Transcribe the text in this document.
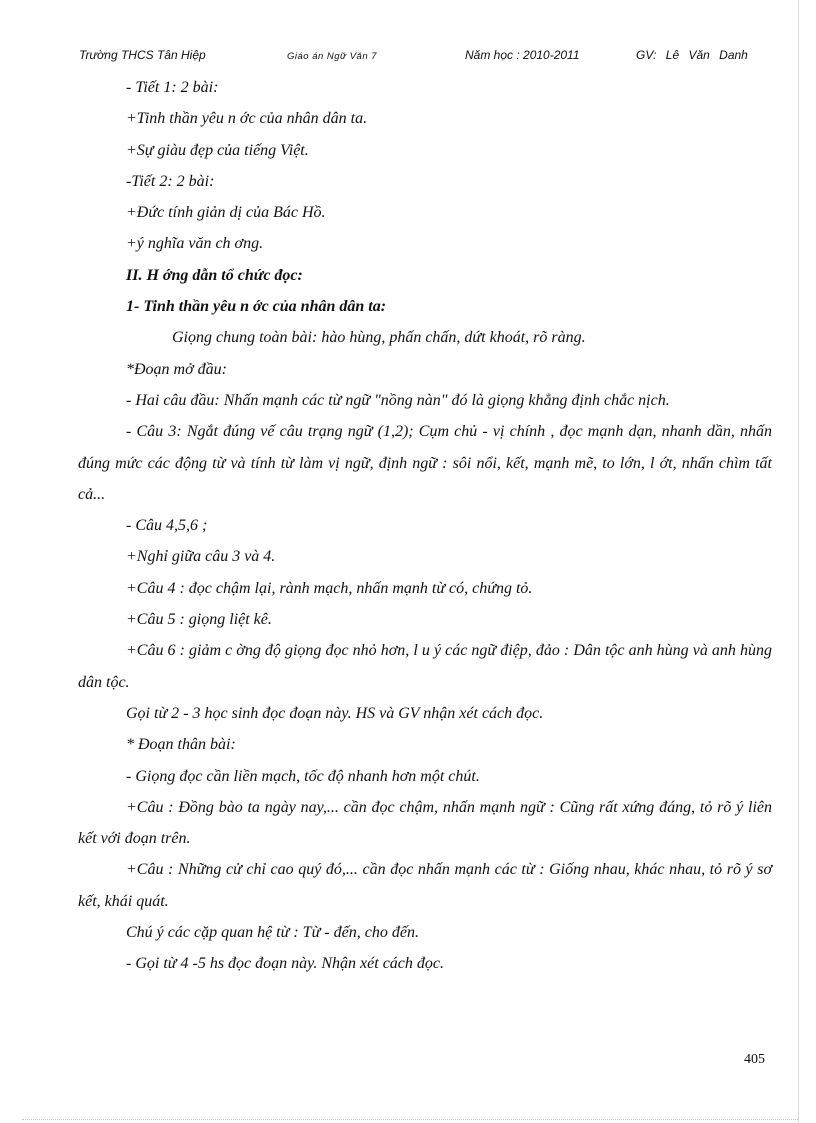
Trường THCS Tân Hiệp	Giáo án Ngữ Văn 7	Năm học : 2010-2011	GV: Lê Văn Danh

- Tiết 1: 2 bài:

+Tinh thần yêu n ớc của nhân dân ta.

+Sự giàu đẹp của tiếng Việt.

-Tiết 2: 2 bài:

+Đức tính giản dị của Bác Hồ.

+ý nghĩa văn ch ơng.

II. H ớng dẫn tổ chức đọc:

1- Tinh thần yêu n ớc của nhân dân ta:

Giọng chung toàn bài: hào hùng, phấn chấn, dứt khoát, rõ ràng.

*Đoạn mở đầu:

- Hai câu đầu: Nhấn mạnh các từ ngữ "nồng nàn" đó là giọng khẳng định chắc nịch.

- Câu 3: Ngắt đúng vế câu trạng ngữ (1,2); Cụm chủ - vị chính , đọc mạnh dạn, nhanh dần, nhấn đúng mức các động từ và tính từ làm vị ngữ, định ngữ : sôi nổi, kết, mạnh mẽ, to lớn, l ớt, nhấn chìm tất cả...

- Câu 4,5,6 ;

+Nghỉ giữa câu 3 và 4.

+Câu 4 : đọc chậm lại, rành mạch, nhấn mạnh từ có, chứng tỏ.

+Câu 5 : giọng liệt kê.

+Câu 6 : giảm c ờng độ giọng đọc nhỏ hơn, l u ý các ngữ điệp, đảo : Dân tộc anh hùng và anh hùng dân tộc.

Gọi từ 2 - 3 học sinh đọc đoạn này. HS và GV nhận xét cách đọc.

* Đoạn thân bài:

- Giọng đọc cần liền mạch, tốc độ nhanh hơn một chút.

+Câu : Đồng bào ta ngày nay,... cần đọc chậm, nhấn mạnh ngữ : Cũng rất xứng đáng, tỏ rõ ý liên kết với đoạn trên.

+Câu : Những cử chỉ cao quý đó,... cần đọc nhấn mạnh các từ : Giống nhau, khác nhau, tỏ rõ ý sơ kết, khái quát.

Chú ý các cặp quan hệ từ : Từ - đến, cho đến.

- Gọi từ 4 -5 hs đọc đoạn này. Nhận xét cách đọc.

405
